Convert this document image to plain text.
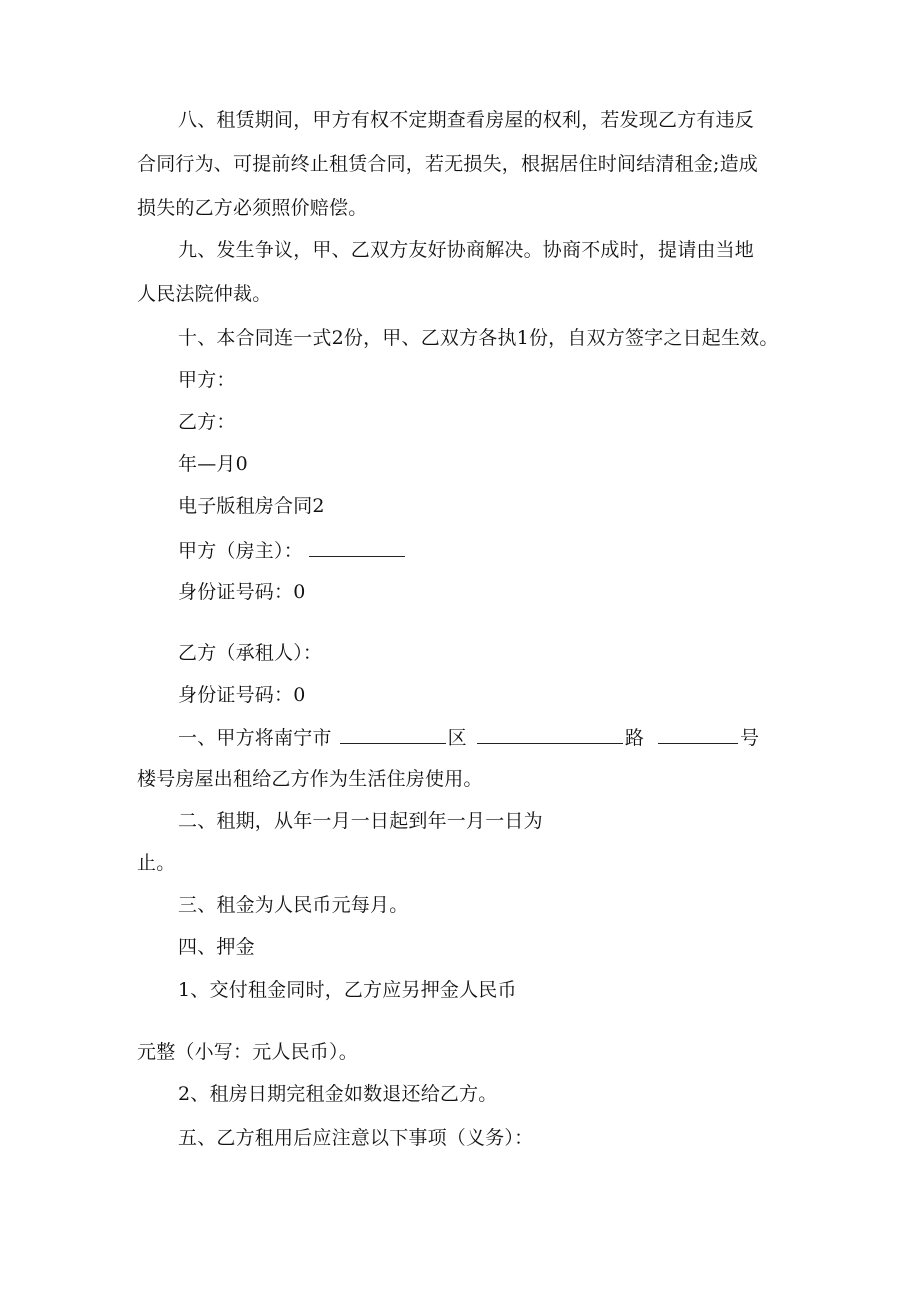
八、租赁期间，甲方有权不定期查看房屋的权利，若发现乙方有违反
合同行为、可提前终止租赁合同，若无损失，根据居住时间结清租金;造成
损失的乙方必须照价赔偿。
九、发生争议，甲、乙双方友好协商解决。协商不成时，提请由当地
人民法院仲裁。
十、本合同连一式2份，甲、乙双方各执1份，自双方签字之日起生效。
甲方：
乙方：
年—月0
电子版租房合同2
甲方（房主）：
身份证号码：0
乙方（承租人）：
身份证号码：0
一、甲方将南宁市	区	路	号
楼号房屋出租给乙方作为生活住房使用。
二、租期，从年一月一日起到年一月一日为
止。
三、租金为人民币元每月。
四、押金
1、交付租金同时，乙方应另押金人民币
元整（小写：元人民币）。
2、租房日期完租金如数退还给乙方。
五、乙方租用后应注意以下事项（义务）：
